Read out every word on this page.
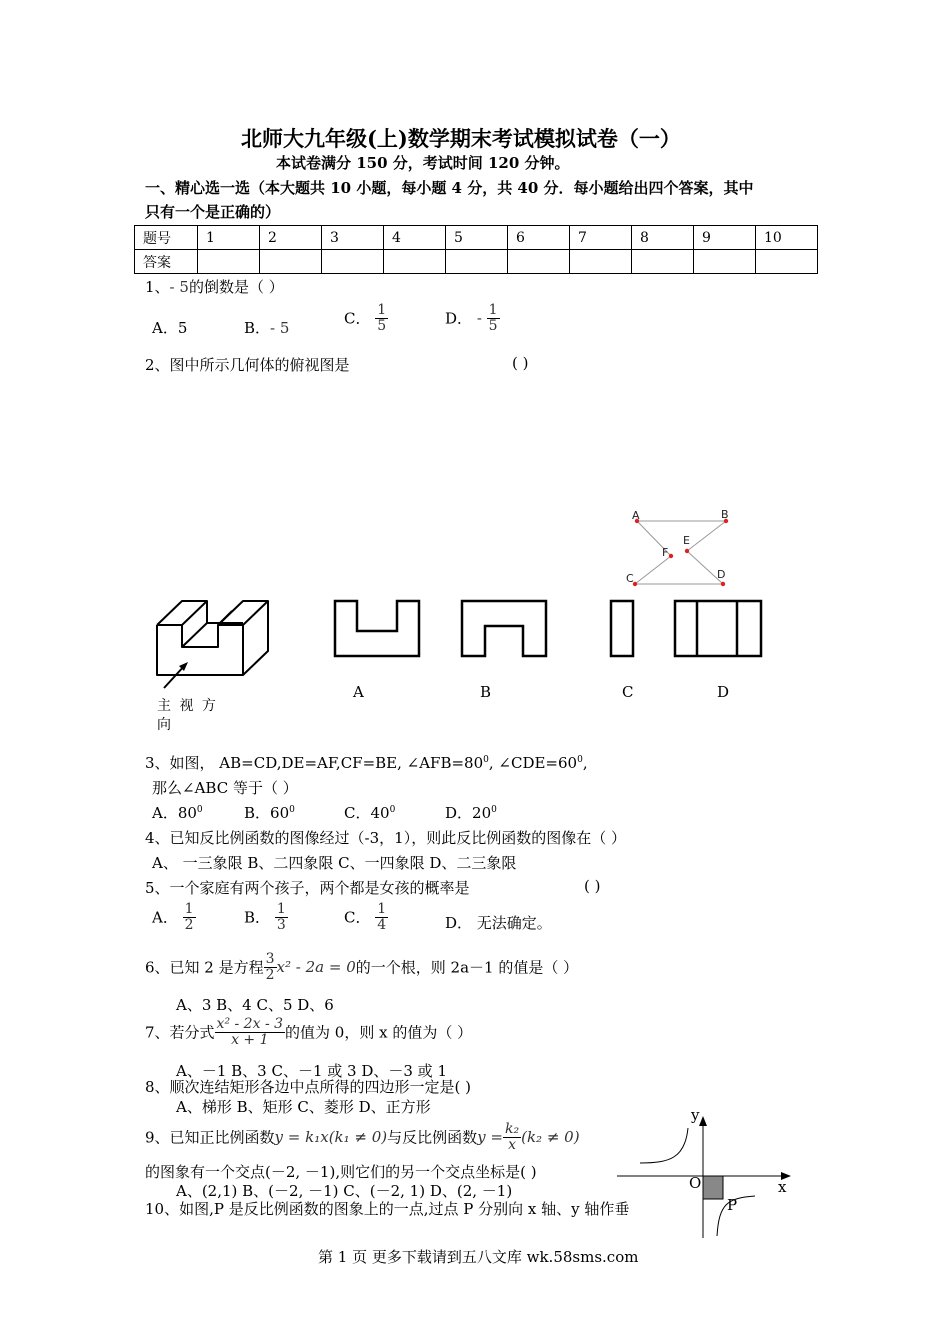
北师大九年级(上)数学期末考试模拟试卷（一）
本试卷满分 150 分，考试时间 120 分钟。
一、精心选一选（本大题共 10 小题，每小题 4 分，共 40 分．每小题给出四个答案，其中
只有一个是正确的）
题号	1	2	3	4	5	6	7	8	9	10
答案										
1、- 5的倒数是（ ）
A．5	B．- 5
C． $\frac{1}{5}$	D． - $\frac{1}{5}$
2、图中所示几何体的俯视图是	( )
A	B
E
F
C	D
主 视 方
向
A	B	C	D
3、如图， AB=CD,DE=AF,CF=BE, $\angle AFB=80^0$, $\angle CDE=60^0$,
那么∠ABC 等于（ ）
A．$80^0$	B．$60^0$	C．$40^0$	D．$20^0$
4、已知反比例函数的图像经过（-3，1），则此反比例函数的图像在（ ）
A、 一三象限 B、二四象限 C、一四象限 D、二三象限
5、一个家庭有两个孩子，两个都是女孩的概率是	( )
A． $\frac{1}{2}$	B． $\frac{1}{3}$	C． $\frac{1}{4}$	D． 无法确定。
6、已知 2 是方程 $\frac{3}{2} x^2 - 2a = 0$的一个根，则 2a－1 的值是（ ）
A、3 B、4 C、5 D、6
7、若分式 $\frac{\text{x² - 2x - 3}}{x + 1}$ 的值为 0，则 x 的值为（ ）
A、－1 B、3 C、－1 或 3 D、－3 或 1
8、顺次连结矩形各边中点所得的四边形一定是( )
A、梯形 B、矩形 C、菱形 D、正方形
9、已知正比例函数y = k₁x(k₁ ≠ 0)与反比例函数$y = \frac{\text{k₂}}{x} (k_2 \ne 0)$
的图象有一个交点(－2, －1),则它们的另一个交点坐标是( )
A、(2,1) B、(－2, －1) C、(－2, 1) D、(2, －1)
10、如图,P 是反比例函数的图象上的一点,过点 P 分别向 x 轴、y 轴作垂
y
x
O
P
第 1 页 更多下载请到五八文库 wk.58sms.com
